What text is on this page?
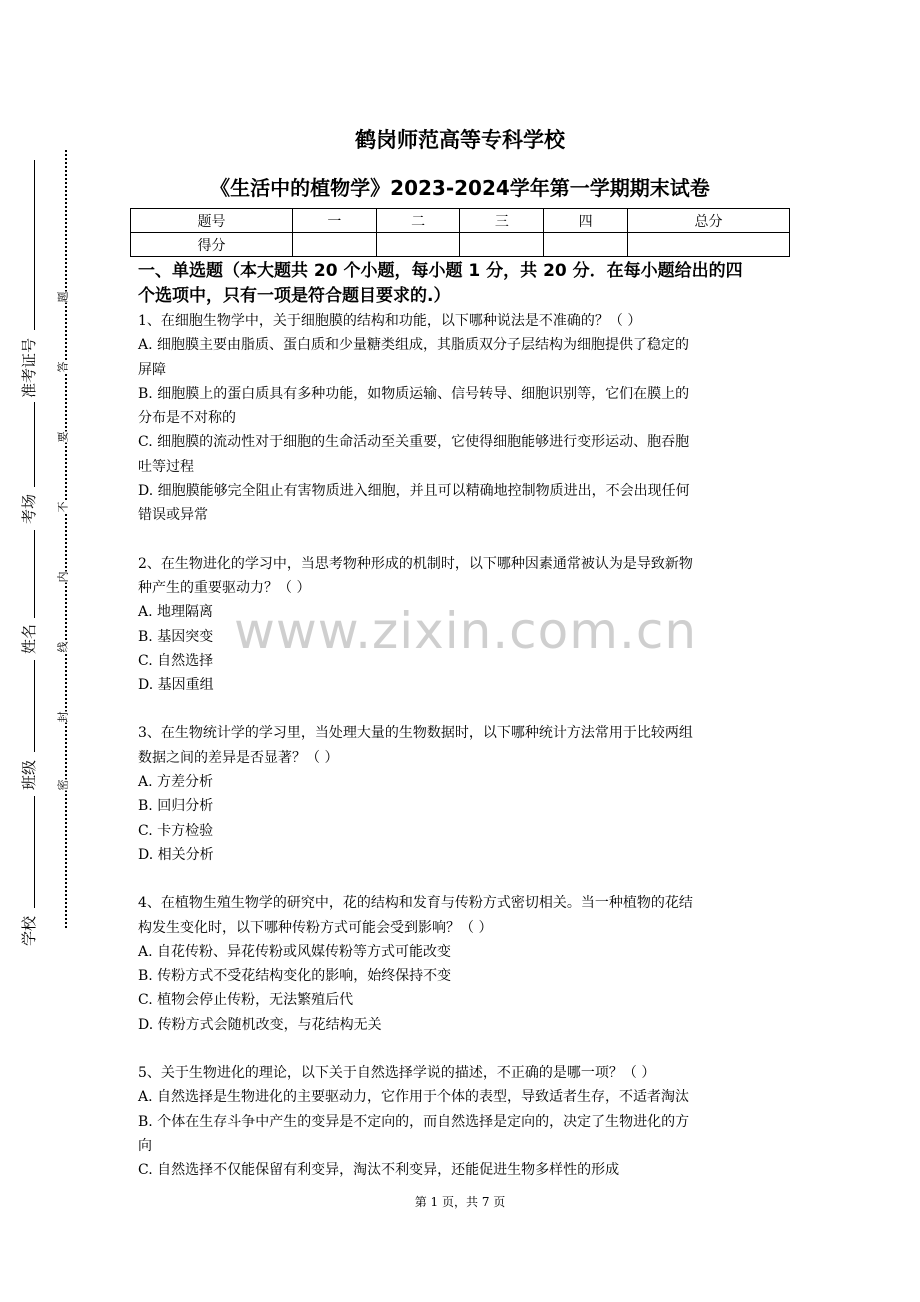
准考证号
考场
姓名
班级
学校
题
答
要
不
内
线
封
密
鹤岗师范高等专科学校
《生活中的植物学》2023-2024学年第一学期期末试卷
题号	一	二	三	四	总分
得分					

一、单选题（本大题共 20 个小题，每小题 1 分，共 20 分．在每小题给出的四

个选项中，只有一项是符合题目要求的.）

1、在细胞生物学中，关于细胞膜的结构和功能，以下哪种说法是不准确的？（ ）

A. 细胞膜主要由脂质、蛋白质和少量糖类组成，其脂质双分子层结构为细胞提供了稳定的

屏障

B. 细胞膜上的蛋白质具有多种功能，如物质运输、信号转导、细胞识别等，它们在膜上的

分布是不对称的

C. 细胞膜的流动性对于细胞的生命活动至关重要，它使得细胞能够进行变形运动、胞吞胞

吐等过程

D. 细胞膜能够完全阻止有害物质进入细胞，并且可以精确地控制物质进出，不会出现任何

错误或异常

2、在生物进化的学习中，当思考物种形成的机制时，以下哪种因素通常被认为是导致新物

种产生的重要驱动力？（ ）

A. 地理隔离

B. 基因突变

C. 自然选择

D. 基因重组

3、在生物统计学的学习里，当处理大量的生物数据时，以下哪种统计方法常用于比较两组

数据之间的差异是否显著？（ ）

A. 方差分析

B. 回归分析

C. 卡方检验

D. 相关分析

4、在植物生殖生物学的研究中，花的结构和发育与传粉方式密切相关。当一种植物的花结

构发生变化时，以下哪种传粉方式可能会受到影响？（ ）

A. 自花传粉、异花传粉或风媒传粉等方式可能改变

B. 传粉方式不受花结构变化的影响，始终保持不变

C. 植物会停止传粉，无法繁殖后代

D. 传粉方式会随机改变，与花结构无关

5、关于生物进化的理论，以下关于自然选择学说的描述，不正确的是哪一项？（ ）

A. 自然选择是生物进化的主要驱动力，它作用于个体的表型，导致适者生存，不适者淘汰

B. 个体在生存斗争中产生的变异是不定向的，而自然选择是定向的，决定了生物进化的方

向

C. 自然选择不仅能保留有利变异，淘汰不利变异，还能促进生物多样性的形成

www.zixin.com.cn
第 1 页，共 7 页
